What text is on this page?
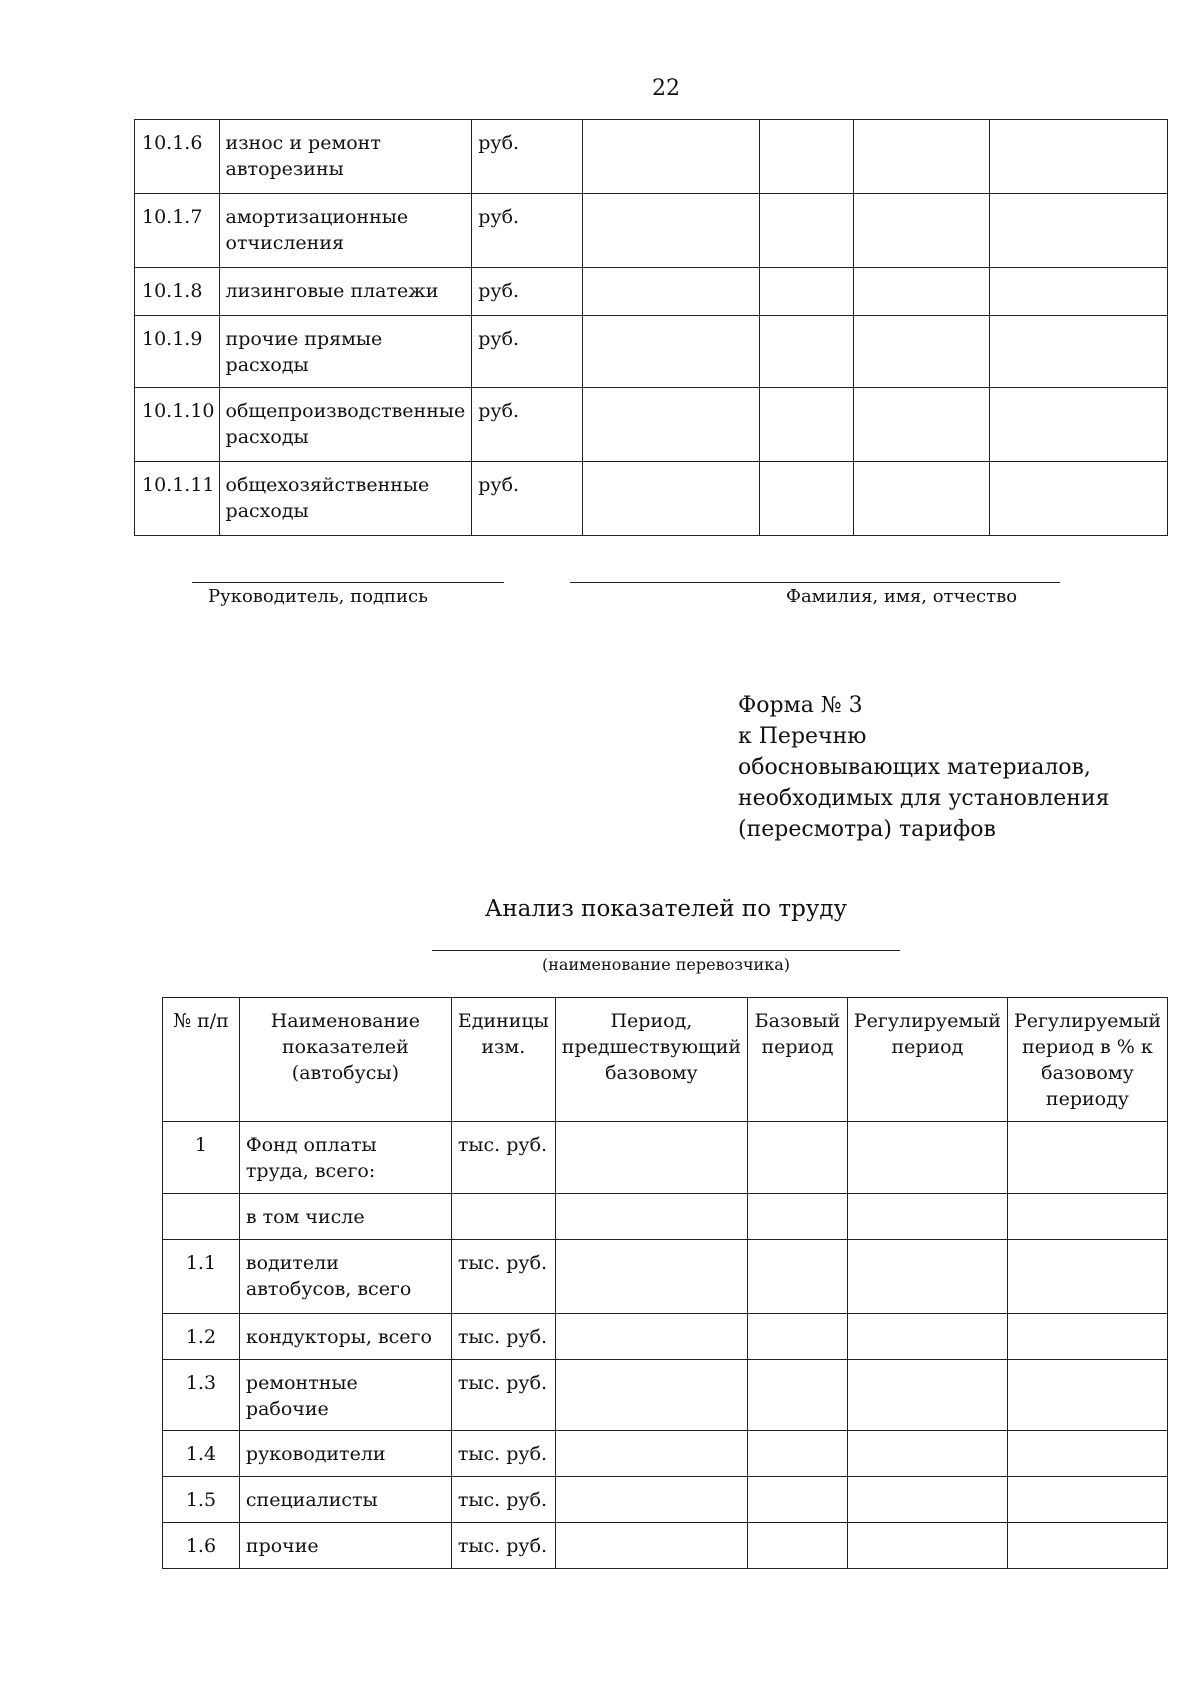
22
10.1.6	износ и ремонт авторезины	руб.				
10.1.7	амортизационные отчисления	руб.				
10.1.8	лизинговые платежи	руб.				
10.1.9	прочие прямые расходы	руб.				
10.1.10	общепроизводственные расходы	руб.				
10.1.11	общехозяйственные расходы	руб.				
Руководитель, подпись	Фамилия, имя, отчество
Форма № 3
к Перечню
обосновывающих материалов,
необходимых для установления
(пересмотра) тарифов
Анализ показателей по труду
(наименование перевозчика)
№ п/п	Наименование показателей (автобусы)	Единицы изм.	Период, предшествующий базовому	Базовый период	Регулируемый период	Регулируемый период в % к базовому периоду
1	Фонд оплаты труда, всего:	тыс. руб.				
	в том числе					
1.1	водители автобусов, всего	тыс. руб.				
1.2	кондукторы, всего	тыс. руб.				
1.3	ремонтные рабочие	тыс. руб.				
1.4	руководители	тыс. руб.				
1.5	специалисты	тыс. руб.				
1.6	прочие	тыс. руб.				
